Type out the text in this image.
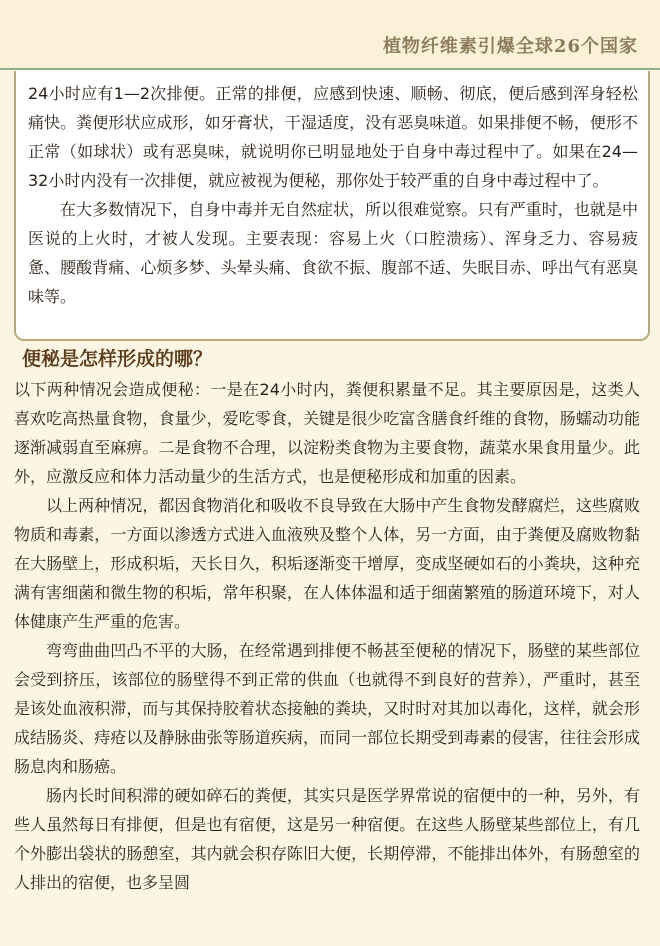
植物纤维素引爆全球26个国家

24小时应有1—2次排便。正常的排便，应感到快速、顺畅、彻底，便后感到浑身轻松痛快。粪便形状应成形，如牙膏状，干湿适度，没有恶臭味道。如果排便不畅，便形不正常（如球状）或有恶臭味，就说明你已明显地处于自身中毒过程中了。如果在24—32小时内没有一次排便，就应被视为便秘，那你处于较严重的自身中毒过程中了。

在大多数情况下，自身中毒并无自然症状，所以很难觉察。只有严重时，也就是中医说的上火时，才被人发现。主要表现：容易上火（口腔溃疡）、浑身乏力、容易疲惫、腰酸背痛、心烦多梦、头晕头痛、食欲不振、腹部不适、失眠目赤、呼出气有恶臭味等。

便秘是怎样形成的哪？

以下两种情况会造成便秘：一是在24小时内，粪便积累量不足。其主要原因是，这类人喜欢吃高热量食物，食量少，爱吃零食，关键是很少吃富含膳食纤维的食物，肠蠕动功能逐渐减弱直至麻痹。二是食物不合理，以淀粉类食物为主要食物，蔬菜水果食用量少。此外，应激反应和体力活动量少的生活方式，也是便秘形成和加重的因素。

以上两种情况，都因食物消化和吸收不良导致在大肠中产生食物发酵腐烂，这些腐败物质和毒素，一方面以渗透方式进入血液殃及整个人体，另一方面，由于粪便及腐败物黏在大肠壁上，形成积垢，天长日久，积垢逐渐变干增厚，变成坚硬如石的小粪块，这种充满有害细菌和微生物的积垢，常年积聚，在人体体温和适于细菌繁殖的肠道环境下，对人体健康产生严重的危害。

弯弯曲曲凹凸不平的大肠，在经常遇到排便不畅甚至便秘的情况下，肠壁的某些部位会受到挤压，该部位的肠壁得不到正常的供血（也就得不到良好的营养），严重时，甚至是该处血液积滞，而与其保持胶着状态接触的粪块，又时时对其加以毒化，这样，就会形成结肠炎、痔疮以及静脉曲张等肠道疾病，而同一部位长期受到毒素的侵害，往往会形成肠息肉和肠癌。

肠内长时间积滞的硬如碎石的粪便，其实只是医学界常说的宿便中的一种，另外，有些人虽然每日有排便，但是也有宿便，这是另一种宿便。在这些人肠壁某些部位上，有几个外膨出袋状的肠憩室，其内就会积存陈旧大便，长期停滞，不能排出体外，有肠憩室的人排出的宿便，也多呈圆
